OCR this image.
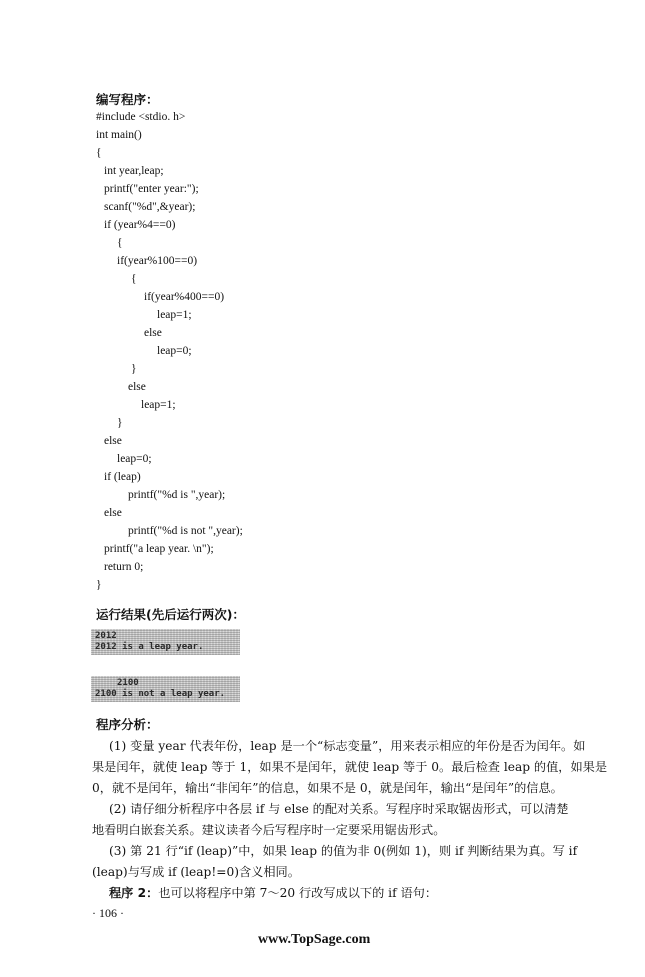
编写程序：
#include <stdio. h>
int main()
{
int year,leap;
printf("enter year:");
scanf("%d",&year);
if (year%4==0)
{
if(year%100==0)
{
if(year%400==0)
leap=1;
else
leap=0;
}
else
leap=1;
}
else
leap=0;
if (leap)
printf("%d is ",year);
else
printf("%d is not ",year);
printf("a leap year. \n");
return 0;
}
运行结果(先后运行两次)：
2012
2012 is a leap year.
2100
2100 is not a leap year.
程序分析：
(1) 变量 year 代表年份，leap 是一个“标志变量”，用来表示相应的年份是否为闰年。如
果是闰年，就使 leap 等于 1，如果不是闰年，就使 leap 等于 0。最后检查 leap 的值，如果是
0，就不是闰年，输出“非闰年”的信息，如果不是 0，就是闰年，输出“是闰年”的信息。
(2) 请仔细分析程序中各层 if 与 else 的配对关系。写程序时采取锯齿形式，可以清楚
地看明白嵌套关系。建议读者今后写程序时一定要采用锯齿形式。
(3) 第 21 行“if (leap)”中，如果 leap 的值为非 0(例如 1)，则 if 判断结果为真。写 if
(leap)与写成 if (leap!=0)含义相同。
程序 2：也可以将程序中第 7～20 行改写成以下的 if 语句：
· 106 ·
www.TopSage.com
